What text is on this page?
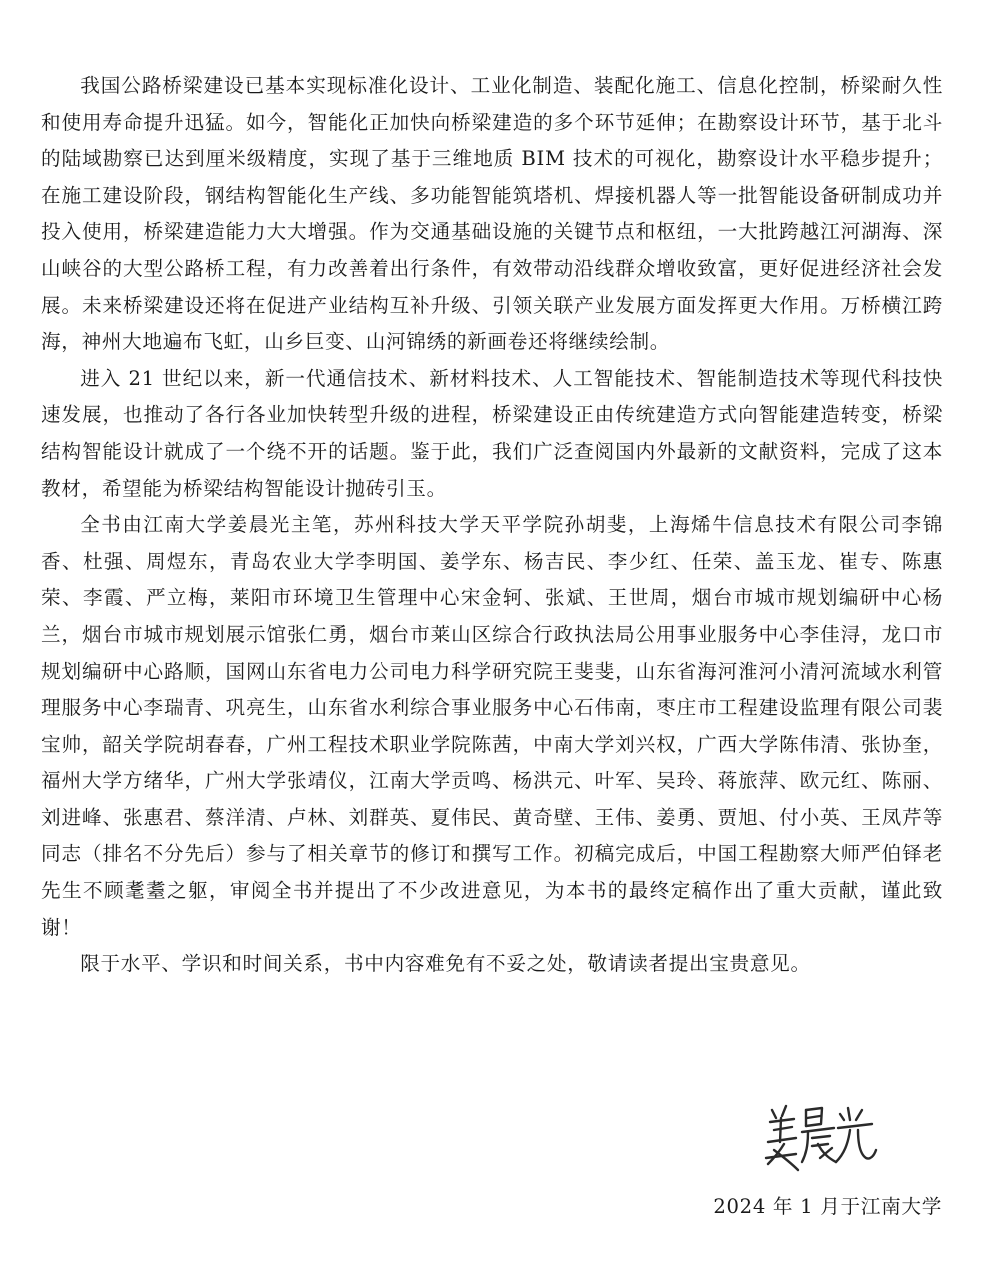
我国公路桥梁建设已基本实现标准化设计、工业化制造、装配化施工、信息化控制，桥梁耐久性和使用寿命提升迅猛。如今，智能化正加快向桥梁建造的多个环节延伸；在勘察设计环节，基于北斗的陆域勘察已达到厘米级精度，实现了基于三维地质 BIM 技术的可视化，勘察设计水平稳步提升；在施工建设阶段，钢结构智能化生产线、多功能智能筑塔机、焊接机器人等一批智能设备研制成功并投入使用，桥梁建造能力大大增强。作为交通基础设施的关键节点和枢纽，一大批跨越江河湖海、深山峡谷的大型公路桥工程，有力改善着出行条件，有效带动沿线群众增收致富，更好促进经济社会发展。未来桥梁建设还将在促进产业结构互补升级、引领关联产业发展方面发挥更大作用。万桥横江跨海，神州大地遍布飞虹，山乡巨变、山河锦绣的新画卷还将继续绘制。

进入 21 世纪以来，新一代通信技术、新材料技术、人工智能技术、智能制造技术等现代科技快速发展，也推动了各行各业加快转型升级的进程，桥梁建设正由传统建造方式向智能建造转变，桥梁结构智能设计就成了一个绕不开的话题。鉴于此，我们广泛查阅国内外最新的文献资料，完成了这本教材，希望能为桥梁结构智能设计抛砖引玉。

全书由江南大学姜晨光主笔，苏州科技大学天平学院孙胡斐，上海烯牛信息技术有限公司李锦香、杜强、周煜东，青岛农业大学李明国、姜学东、杨吉民、李少红、任荣、盖玉龙、崔专、陈惠荣、李霞、严立梅，莱阳市环境卫生管理中心宋金轲、张斌、王世周，烟台市城市规划编研中心杨兰，烟台市城市规划展示馆张仁勇，烟台市莱山区综合行政执法局公用事业服务中心李佳浔，龙口市规划编研中心路顺，国网山东省电力公司电力科学研究院王斐斐，山东省海河淮河小清河流域水利管理服务中心李瑞青、巩亮生，山东省水利综合事业服务中心石伟南，枣庄市工程建设监理有限公司裴宝帅，韶关学院胡春春，广州工程技术职业学院陈茜，中南大学刘兴权，广西大学陈伟清、张协奎，福州大学方绪华，广州大学张靖仪，江南大学贡鸣、杨洪元、叶军、吴玲、蒋旅萍、欧元红、陈丽、刘进峰、张惠君、蔡洋清、卢林、刘群英、夏伟民、黄奇壁、王伟、姜勇、贾旭、付小英、王凤芹等同志（排名不分先后）参与了相关章节的修订和撰写工作。初稿完成后，中国工程勘察大师严伯铎老先生不顾耄耋之躯，审阅全书并提出了不少改进意见，为本书的最终定稿作出了重大贡献，谨此致谢！

限于水平、学识和时间关系，书中内容难免有不妥之处，敬请读者提出宝贵意见。

2024 年 1 月于江南大学
